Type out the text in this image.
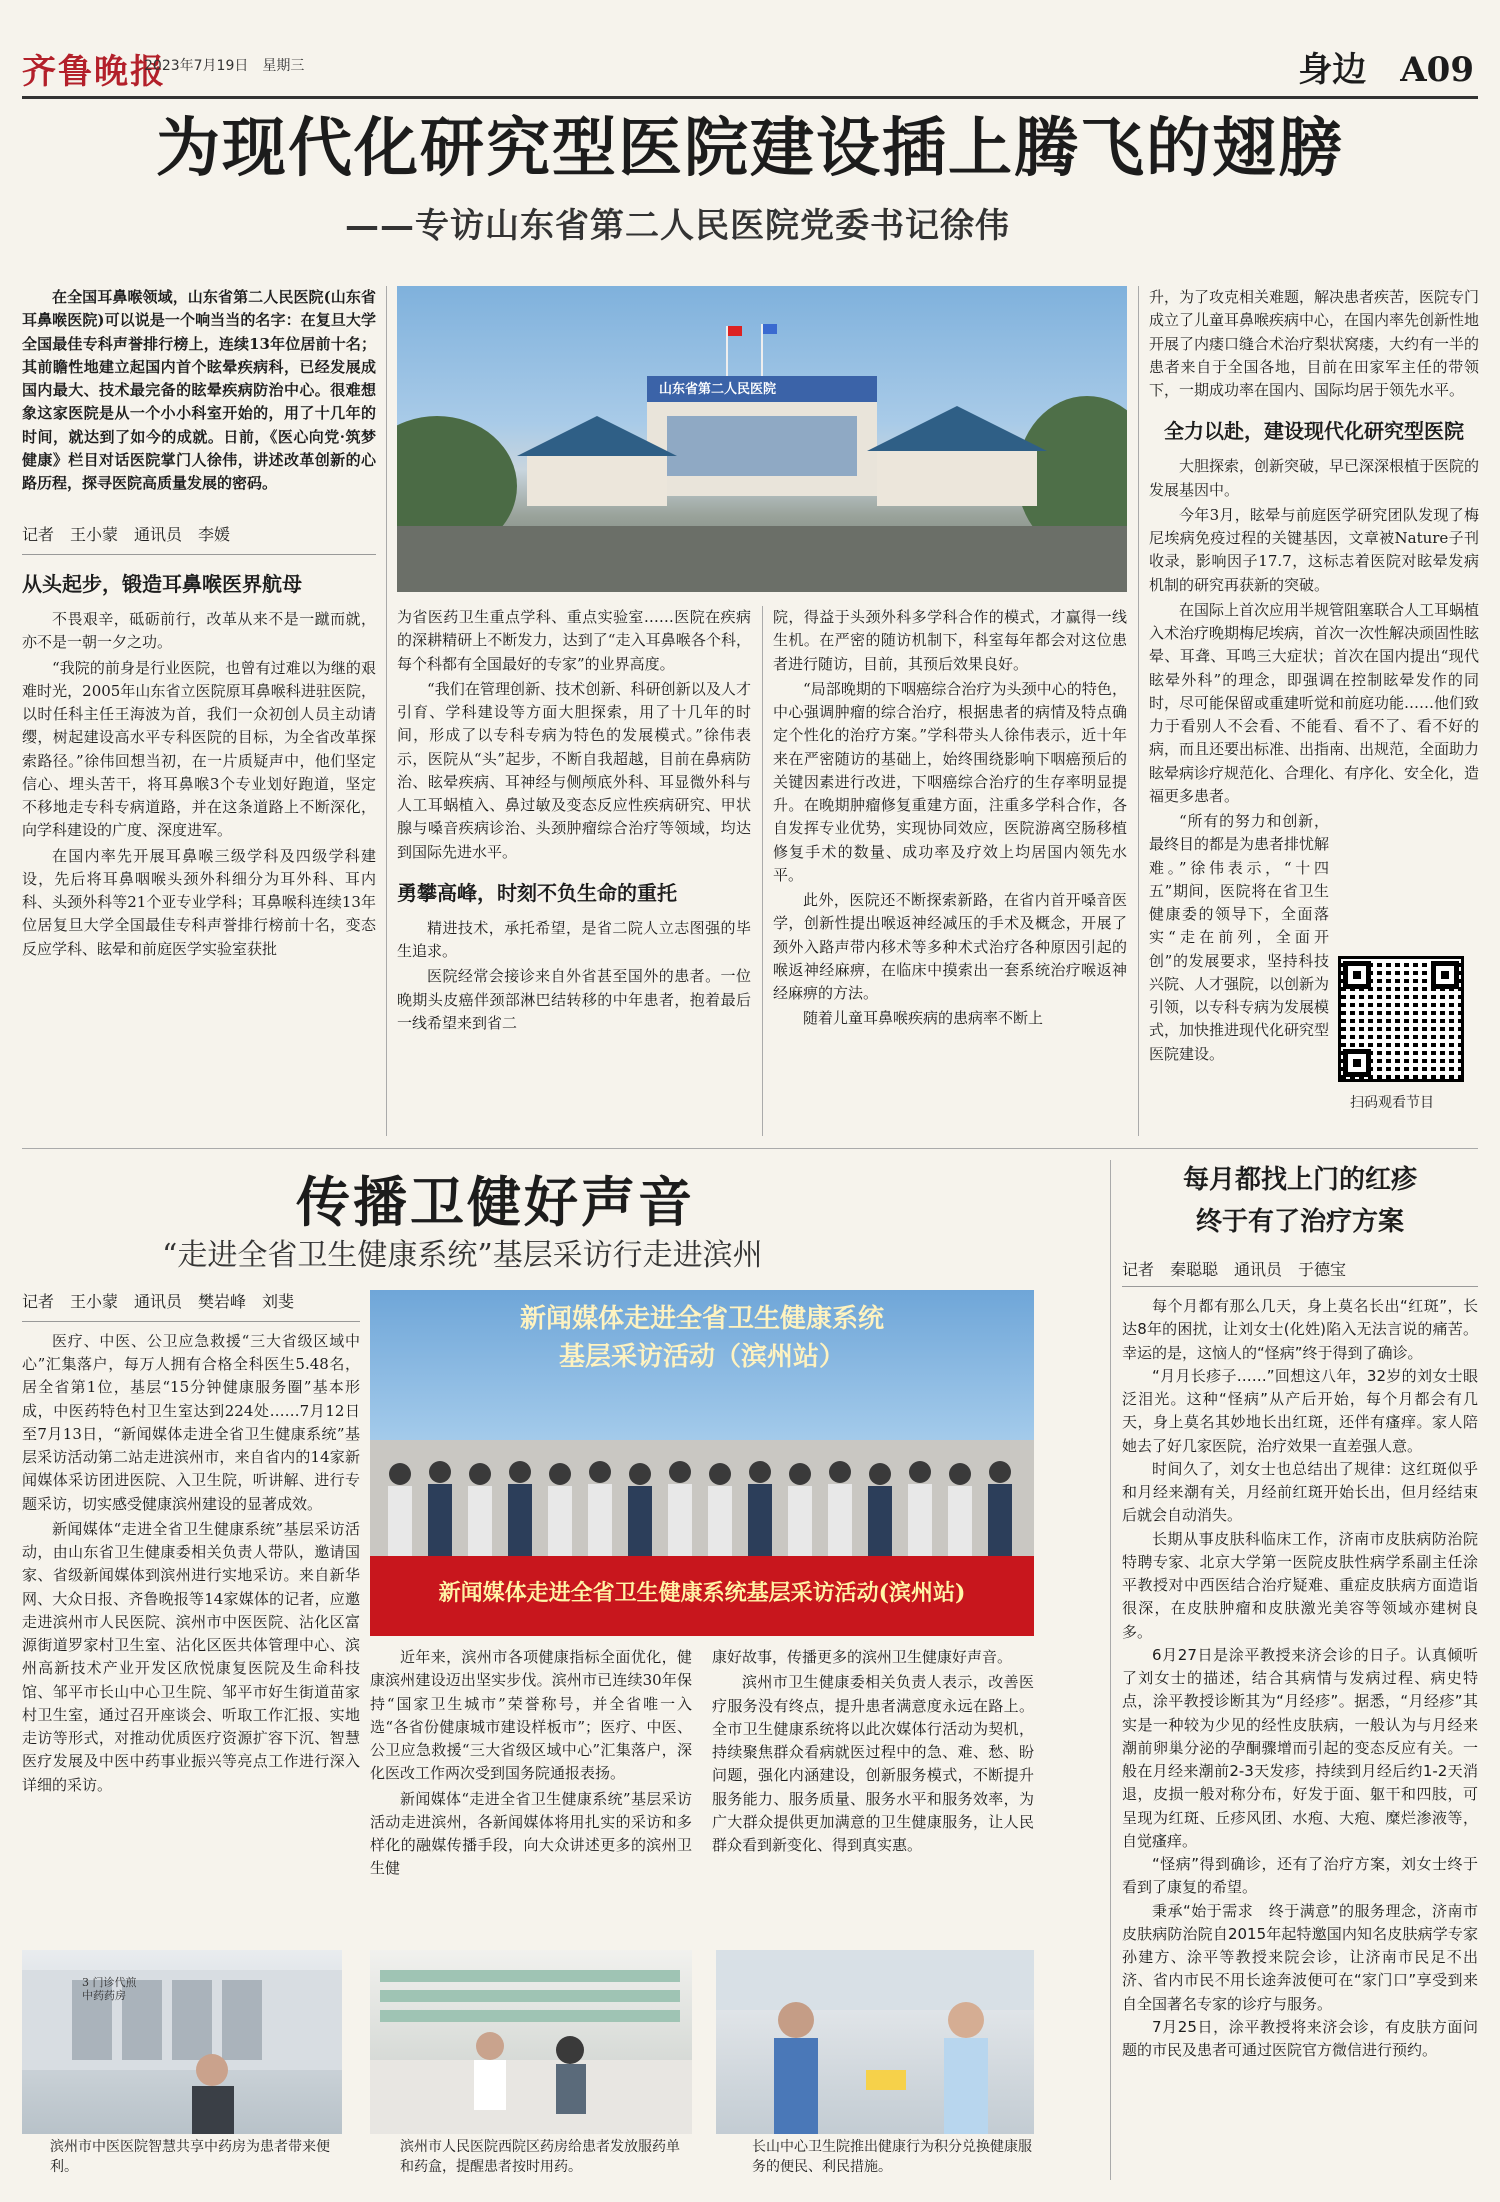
齐鲁晚报
2023年7月19日　星期三	身边　A09
为现代化研究型医院建设插上腾飞的翅膀
——专访山东省第二人民医院党委书记徐伟

在全国耳鼻喉领域，山东省第二人民医院(山东省耳鼻喉医院)可以说是一个响当当的名字：在复旦大学全国最佳专科声誉排行榜上，连续13年位居前十名；其前瞻性地建立起国内首个眩晕疾病科，已经发展成国内最大、技术最完备的眩晕疾病防治中心。很难想象这家医院是从一个小小科室开始的，用了十几年的时间，就达到了如今的成就。日前，《医心向党·筑梦健康》栏目对话医院掌门人徐伟，讲述改革创新的心路历程，探寻医院高质量发展的密码。

记者　王小蒙　通讯员　李媛
从头起步，锻造耳鼻喉医界航母

不畏艰辛，砥砺前行，改革从来不是一蹴而就，亦不是一朝一夕之功。

“我院的前身是行业医院，也曾有过难以为继的艰难时光，2005年山东省立医院原耳鼻喉科进驻医院，以时任科主任王海波为首，我们一众初创人员主动请缨，树起建设高水平专科医院的目标，为全省改革探索路径。”徐伟回想当初，在一片质疑声中，他们坚定信心、埋头苦干，将耳鼻喉3个专业划好跑道，坚定不移地走专科专病道路，并在这条道路上不断深化，向学科建设的广度、深度进军。

在国内率先开展耳鼻喉三级学科及四级学科建设，先后将耳鼻咽喉头颈外科细分为耳外科、耳内科、头颈外科等21个亚专业学科；耳鼻喉科连续13年位居复旦大学全国最佳专科声誉排行榜前十名，变态反应学科、眩晕和前庭医学实验室获批

山东省第二人民医院

为省医药卫生重点学科、重点实验室……医院在疾病的深耕精研上不断发力，达到了“走入耳鼻喉各个科，每个科都有全国最好的专家”的业界高度。

“我们在管理创新、技术创新、科研创新以及人才引育、学科建设等方面大胆探索，用了十几年的时间，形成了以专科专病为特色的发展模式。”徐伟表示，医院从“头”起步，不断自我超越，目前在鼻病防治、眩晕疾病、耳神经与侧颅底外科、耳显微外科与人工耳蜗植入、鼻过敏及变态反应性疾病研究、甲状腺与嗓音疾病诊治、头颈肿瘤综合治疗等领域，均达到国际先进水平。

勇攀高峰，时刻不负生命的重托

精进技术，承托希望，是省二院人立志图强的毕生追求。

医院经常会接诊来自外省甚至国外的患者。一位晚期头皮癌伴颈部淋巴结转移的中年患者，抱着最后一线希望来到省二

院，得益于头颈外科多学科合作的模式，才赢得一线生机。在严密的随访机制下，科室每年都会对这位患者进行随访，目前，其预后效果良好。

“局部晚期的下咽癌综合治疗为头颈中心的特色，中心强调肿瘤的综合治疗，根据患者的病情及特点确定个性化的治疗方案。”学科带头人徐伟表示，近十年来在严密随访的基础上，始终围绕影响下咽癌预后的关键因素进行改进，下咽癌综合治疗的生存率明显提升。在晚期肿瘤修复重建方面，注重多学科合作，各自发挥专业优势，实现协同效应，医院游离空肠移植修复手术的数量、成功率及疗效上均居国内领先水平。

此外，医院还不断探索新路，在省内首开嗓音医学，创新性提出喉返神经减压的手术及概念，开展了颈外入路声带内移术等多种术式治疗各种原因引起的喉返神经麻痹，在临床中摸索出一套系统治疗喉返神经麻痹的方法。

随着儿童耳鼻喉疾病的患病率不断上

升，为了攻克相关难题，解决患者疾苦，医院专门成立了儿童耳鼻喉疾病中心，在国内率先创新性地开展了内瘘口缝合术治疗梨状窝瘘，大约有一半的患者来自于全国各地，目前在田家军主任的带领下，一期成功率在国内、国际均居于领先水平。

全力以赴，建设现代化研究型医院

大胆探索，创新突破，早已深深根植于医院的发展基因中。

今年3月，眩晕与前庭医学研究团队发现了梅尼埃病免疫过程的关键基因，文章被Nature子刊收录，影响因子17.7，这标志着医院对眩晕发病机制的研究再获新的突破。

在国际上首次应用半规管阻塞联合人工耳蜗植入术治疗晚期梅尼埃病，首次一次性解决顽固性眩晕、耳聋、耳鸣三大症状；首次在国内提出“现代眩晕外科”的理念，即强调在控制眩晕发作的同时，尽可能保留或重建听觉和前庭功能……他们致力于看别人不会看、不能看、看不了、看不好的病，而且还要出标准、出指南、出规范，全面助力眩晕病诊疗规范化、合理化、有序化、安全化，造福更多患者。

“所有的努力和创新，最终目的都是为患者排忧解难。”徐伟表示，“十四五”期间，医院将在省卫生健康委的领导下，全面落实“走在前列，全面开创”的发展要求，坚持科技兴院、人才强院，以创新为引领，以专科专病为发展模式，加快推进现代化研究型医院建设。

扫码观看节目
传播卫健好声音
“走进全省卫生健康系统”基层采访行走进滨州
记者　王小蒙　通讯员　樊岩峰　刘斐

医疗、中医、公卫应急救援“三大省级区域中心”汇集落户，每万人拥有合格全科医生5.48名，居全省第1位，基层“15分钟健康服务圈”基本形成，中医药特色村卫生室达到224处……7月12日至7月13日，“新闻媒体走进全省卫生健康系统”基层采访活动第二站走进滨州市，来自省内的14家新闻媒体采访团进医院、入卫生院，听讲解、进行专题采访，切实感受健康滨州建设的显著成效。

新闻媒体“走进全省卫生健康系统”基层采访活动，由山东省卫生健康委相关负责人带队，邀请国家、省级新闻媒体到滨州进行实地采访。来自新华网、大众日报、齐鲁晚报等14家媒体的记者，应邀走进滨州市人民医院、滨州市中医医院、沾化区富源街道罗家村卫生室、沾化区医共体管理中心、滨州高新技术产业开发区欣悦康复医院及生命科技馆、邹平市长山中心卫生院、邹平市好生街道苗家村卫生室，通过召开座谈会、听取工作汇报、实地走访等形式，对推动优质医疗资源扩容下沉、智慧医疗发展及中医中药事业振兴等亮点工作进行深入详细的采访。

新闻媒体走进全省卫生健康系统
基层采访活动（滨州站）
新闻媒体走进全省卫生健康系统基层采访活动(滨州站)

近年来，滨州市各项健康指标全面优化，健康滨州建设迈出坚实步伐。滨州市已连续30年保持“国家卫生城市”荣誉称号，并全省唯一入选“各省份健康城市建设样板市”；医疗、中医、公卫应急救援“三大省级区域中心”汇集落户，深化医改工作两次受到国务院通报表扬。

新闻媒体“走进全省卫生健康系统”基层采访活动走进滨州，各新闻媒体将用扎实的采访和多样化的融媒传播手段，向大众讲述更多的滨州卫生健

康好故事，传播更多的滨州卫生健康好声音。

滨州市卫生健康委相关负责人表示，改善医疗服务没有终点，提升患者满意度永远在路上。全市卫生健康系统将以此次媒体行活动为契机，持续聚焦群众看病就医过程中的急、难、愁、盼问题，强化内涵建设，创新服务模式，不断提升服务能力、服务质量、服务水平和服务效率，为广大群众提供更加满意的卫生健康服务，让人民群众看到新变化、得到真实惠。

3 门诊代煎 中药药房
滨州市中医医院智慧共享中药房为患者带来便利。
滨州市人民医院西院区药房给患者发放服药单和药盒，提醒患者按时用药。
长山中心卫生院推出健康行为积分兑换健康服务的便民、利民措施。
每月都找上门的红疹
终于有了治疗方案
记者　秦聪聪　通讯员　于德宝

每个月都有那么几天，身上莫名长出“红斑”，长达8年的困扰，让刘女士(化姓)陷入无法言说的痛苦。幸运的是，这恼人的“怪病”终于得到了确诊。

“月月长疹子……”回想这八年，32岁的刘女士眼泛泪光。这种“怪病”从产后开始，每个月都会有几天，身上莫名其妙地长出红斑，还伴有瘙痒。家人陪她去了好几家医院，治疗效果一直差强人意。

时间久了，刘女士也总结出了规律：这红斑似乎和月经来潮有关，月经前红斑开始长出，但月经结束后就会自动消失。

长期从事皮肤科临床工作，济南市皮肤病防治院特聘专家、北京大学第一医院皮肤性病学系副主任涂平教授对中西医结合治疗疑难、重症皮肤病方面造诣很深，在皮肤肿瘤和皮肤激光美容等领域亦建树良多。

6月27日是涂平教授来济会诊的日子。认真倾听了刘女士的描述，结合其病情与发病过程、病史特点，涂平教授诊断其为“月经疹”。据悉，“月经疹”其实是一种较为少见的经性皮肤病，一般认为与月经来潮前卵巢分泌的孕酮骤增而引起的变态反应有关。一般在月经来潮前2-3天发疹，持续到月经后约1-2天消退，皮损一般对称分布，好发于面、躯干和四肢，可呈现为红斑、丘疹风团、水疱、大疱、糜烂渗液等，自觉瘙痒。

“怪病”得到确诊，还有了治疗方案，刘女士终于看到了康复的希望。

秉承“始于需求　终于满意”的服务理念，济南市皮肤病防治院自2015年起特邀国内知名皮肤病学专家孙建方、涂平等教授来院会诊，让济南市民足不出济、省内市民不用长途奔波便可在“家门口”享受到来自全国著名专家的诊疗与服务。

7月25日，涂平教授将来济会诊，有皮肤方面问题的市民及患者可通过医院官方微信进行预约。
